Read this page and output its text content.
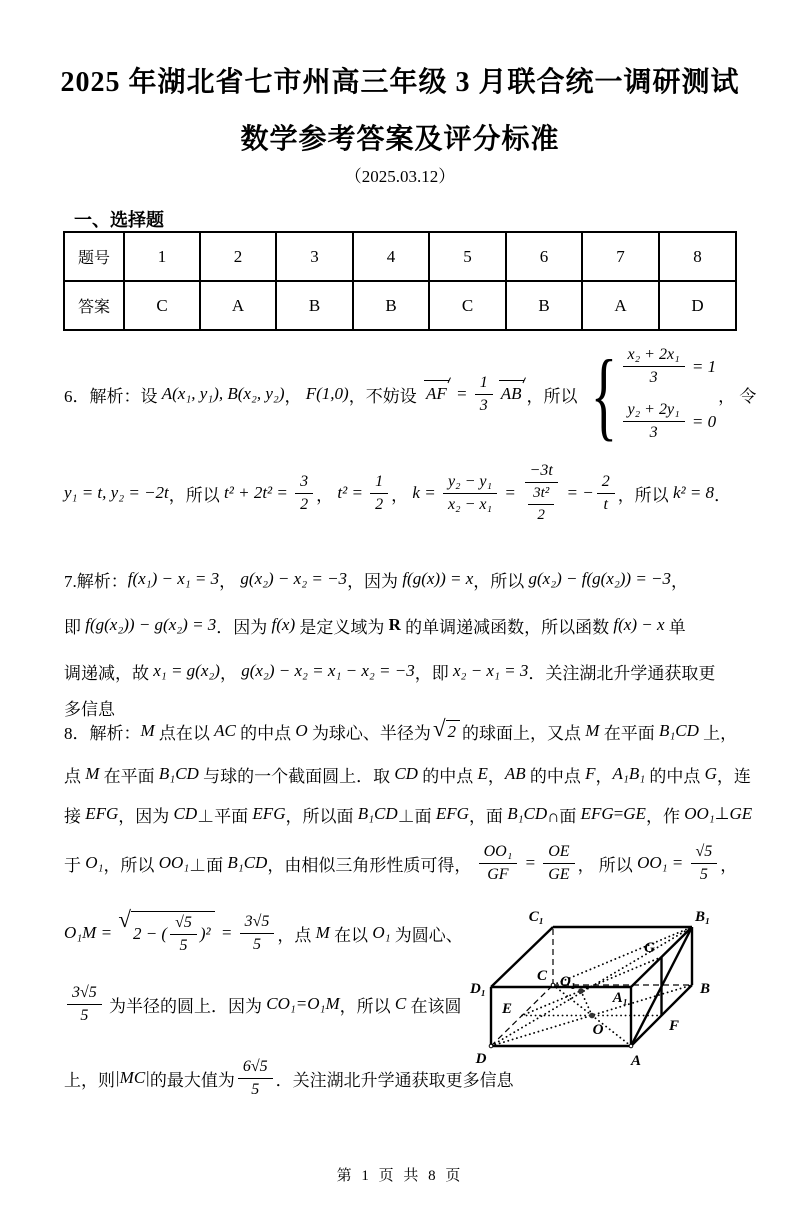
2025 年湖北省七市州高三年级 3 月联合统一调研测试
数学参考答案及评分标准
（2025.03.12）
一、选择题
题号	1	2	3	4	5	6	7	8
答案	C	A	B	B	C	B	A	D
6．解析：设 A(x₁, y₁), B(x₂, y₂) ， F(1,0) ，不妨设 AF = $\frac{1}{3}$ AB ，所以 { $\frac{\text{x₂ + 2x₁}}{3} = 1$
$\frac{\text{y₂ + 2y₁}}{3} = 0$
， 令
y₁ = t, y₂ = −2t ，所以 $t^2 + 2t^2 = \frac{3}{2}$ ， $t^2 = \frac{1}{2}$ ， $k = \frac{\text{y₂ − y₁}}{\text{x₂ − x₁}} = \frac{-3t}{\frac{\text{3t²}}{2}}$ = − $\frac{2}{t}$ ，所以 k² = 8 ．
7.解析： f(x₁) − x₁ = 3 ， g(x₂) − x₂ = −3 ，因为 f(g(x)) = x ，所以 g(x₂) − f(g(x₂)) = −3 ，
即 f(g(x₂)) − g(x₂) = 3 ．因为 f(x) 是定义域为 R 的单调递减函数，所以函数 f(x) − x 单
调递减，故 x₁ = g(x₂) ， g(x₂) − x₂ = x₁ − x₂ = −3 ，即 x₂ − x₁ = 3 ．关注湖北升学通获取更
多信息
8．解析： M 点在以 AC 的中点 O 为球心、半径为 √ 2 的球面上，又点 M 在平面 B₁CD 上，
点 M 在平面 B₁CD 与球的一个截面圆上．取 CD 的中点 E ， AB 的中点 F ， A₁B₁ 的中点 G ，连
接 EFG ，因为 CD ⊥平面 EFG ，所以面 B₁CD ⊥面 EFG ，面 B₁CD ∩面 EFG = GE ，作 OO₁ ⊥ GE
于 O₁ ，所以 OO₁ ⊥面 B₁CD ，由相似三角形性质可得， $\frac{\text{OO₁}}{GF} = \frac{OE}{GE}$ ， 所以 $OO_1 = \frac{√5}{5}$ ，
O₁M =
√
2 − ( $\frac{√5}{5} )^2 = \frac{3√5}{5}$ ，点 M 在以 O₁ 为圆心、
$\frac{3√5}{5}$ 为半径的圆上．因为 CO₁=O₁M ，所以 C 在该圆
上，则 |MC| 的最大值为 $\frac{6√5}{5}$ ．关注湖北升学通获取更多信息
C₁	B₁
D₁
C
G
A₁
B
E
O₁
O	F
D	A
第 1 页 共 8 页
